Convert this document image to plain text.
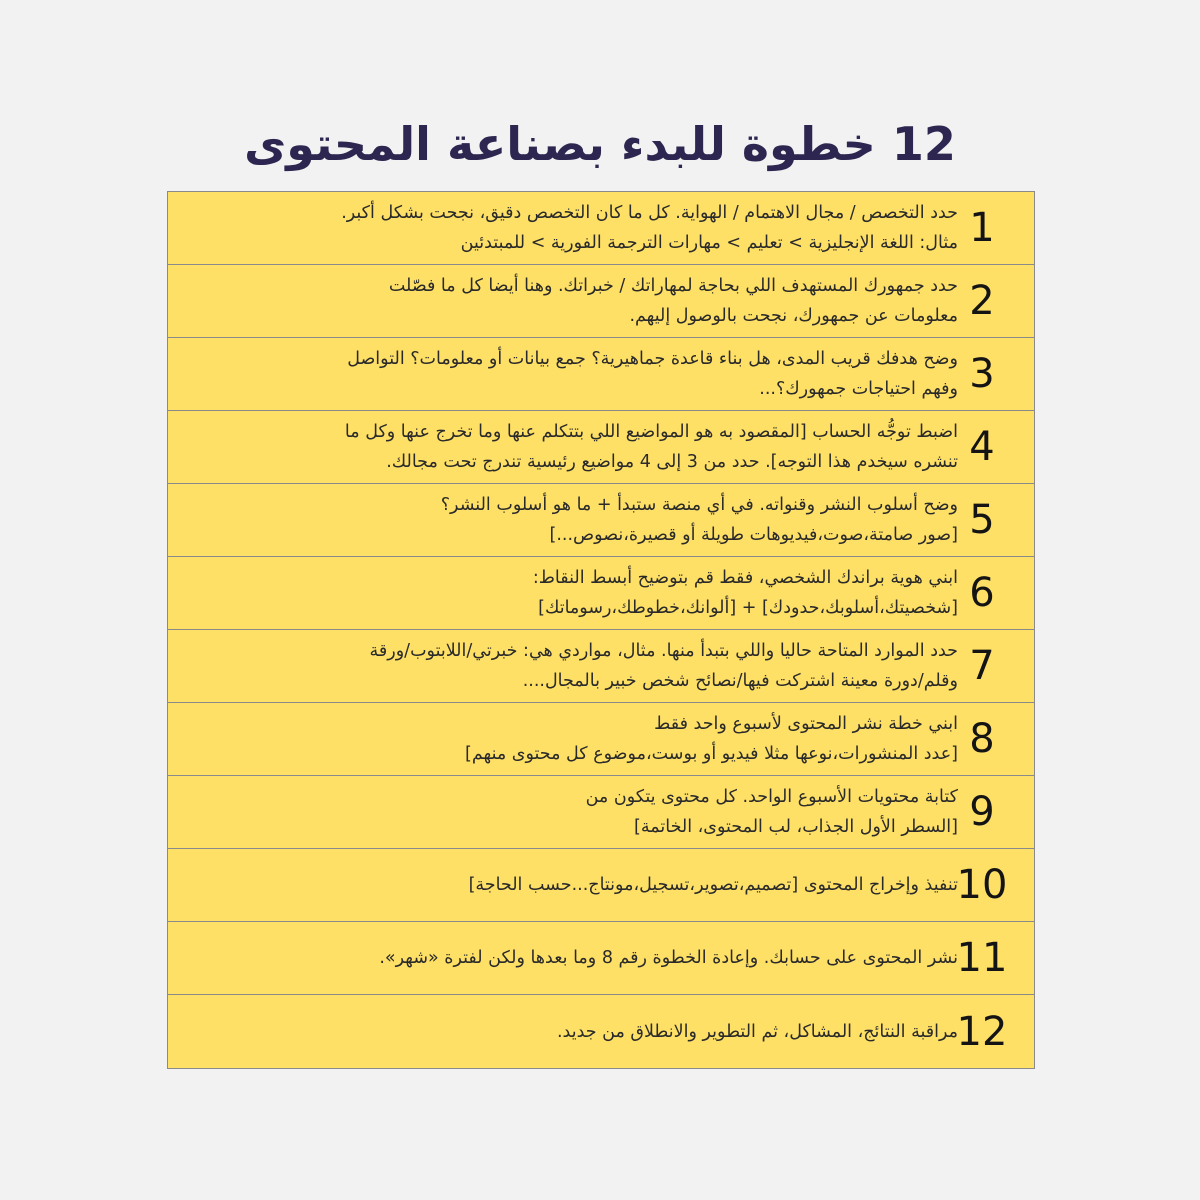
12 خطوة للبدء بصناعة المحتوى
1
حدد التخصص / مجال الاهتمام / الهواية. كل ما كان التخصص دقيق، نجحت بشكل أكبر.
مثال: اللغة الإنجليزية > تعليم > مهارات الترجمة الفورية > للمبتدئين
2
حدد جمهورك المستهدف اللي بحاجة لمهاراتك / خبراتك. وهنا أيضا كل ما فصّلت
معلومات عن جمهورك، نجحت بالوصول إليهم.
3
وضح هدفك قريب المدى، هل بناء قاعدة جماهيرية؟ جمع بيانات أو معلومات؟ التواصل
وفهم احتياجات جمهورك؟...
4
اضبط توجُّه الحساب [المقصود به هو المواضيع اللي بتتكلم عنها وما تخرج عنها وكل ما
تنشره سيخدم هذا التوجه]. حدد من 3 إلى 4 مواضيع رئيسية تندرج تحت مجالك.
5
وضح أسلوب النشر وقنواته. في أي منصة ستبدأ + ما هو أسلوب النشر؟
[صور صامتة،صوت،فيديوهات طويلة أو قصيرة،نصوص...]
6
ابني هوية براندك الشخصي، فقط قم بتوضيح أبسط النقاط:
[شخصيتك،أسلوبك،حدودك] + [ألوانك،خطوطك،رسوماتك]
7
حدد الموارد المتاحة حاليا واللي بتبدأ منها. مثال، مواردي هي: خبرتي/اللابتوب/ورقة
وقلم/دورة معينة اشتركت فيها/نصائح شخص خبير بالمجال....
8
ابني خطة نشر المحتوى لأسبوع واحد فقط
[عدد المنشورات،نوعها مثلا فيديو أو بوست،موضوع كل محتوى منهم]
9
كتابة محتويات الأسبوع الواحد. كل محتوى يتكون من
[السطر الأول الجذاب، لب المحتوى، الخاتمة]
10
تنفيذ وإخراج المحتوى [تصميم،تصوير،تسجيل،مونتاج...حسب الحاجة]
11
نشر المحتوى على حسابك. وإعادة الخطوة رقم 8 وما بعدها ولكن لفترة «شهر».
12
مراقبة النتائج، المشاكل، ثم التطوير والانطلاق من جديد.
